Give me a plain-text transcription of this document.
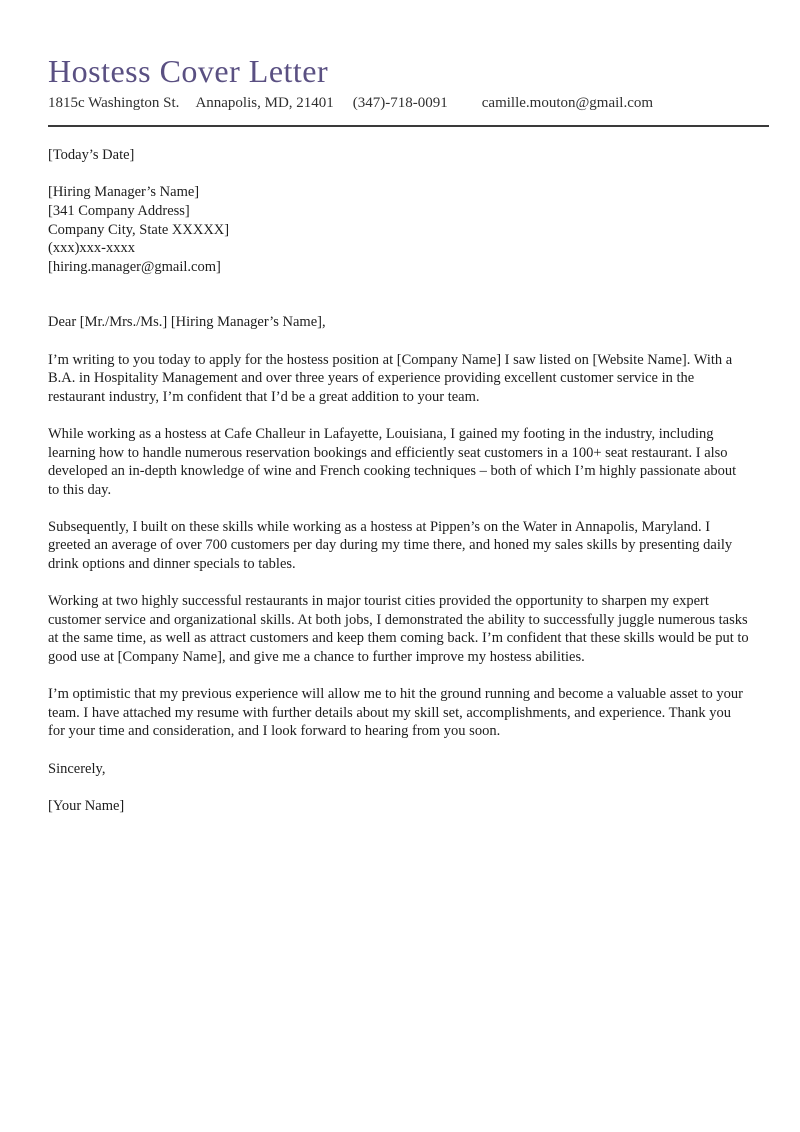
Hostess Cover Letter
1815c Washington St. Annapolis, MD, 21401 (347)-718-0091 camille.mouton@gmail.com

[Today’s Date]

[Hiring Manager’s Name]
[341 Company Address]
Company City, State XXXXX]
(xxx)xxx-xxxx
[hiring.manager@gmail.com]

Dear [Mr./Mrs./Ms.] [Hiring Manager’s Name],

I’m writing to you today to apply for the hostess position at [Company Name] I saw listed on [Website Name]. With a B.A. in Hospitality Management and over three years of experience providing excellent customer service in the restaurant industry, I’m confident that I’d be a great addition to your team.

While working as a hostess at Cafe Challeur in Lafayette, Louisiana, I gained my footing in the industry, including learning how to handle numerous reservation bookings and efficiently seat customers in a 100+ seat restaurant. I also developed an in-depth knowledge of wine and French cooking techniques – both of which I’m highly passionate about to this day.

Subsequently, I built on these skills while working as a hostess at Pippen’s on the Water in Annapolis, Maryland. I greeted an average of over 700 customers per day during my time there, and honed my sales skills by presenting daily drink options and dinner specials to tables.

Working at two highly successful restaurants in major tourist cities provided the opportunity to sharpen my expert customer service and organizational skills. At both jobs, I demonstrated the ability to successfully juggle numerous tasks at the same time, as well as attract customers and keep them coming back. I’m confident that these skills would be put to good use at [Company Name], and give me a chance to further improve my hostess abilities.

I’m optimistic that my previous experience will allow me to hit the ground running and become a valuable asset to your team. I have attached my resume with further details about my skill set, accomplishments, and experience. Thank you for your time and consideration, and I look forward to hearing from you soon.

Sincerely,

[Your Name]
